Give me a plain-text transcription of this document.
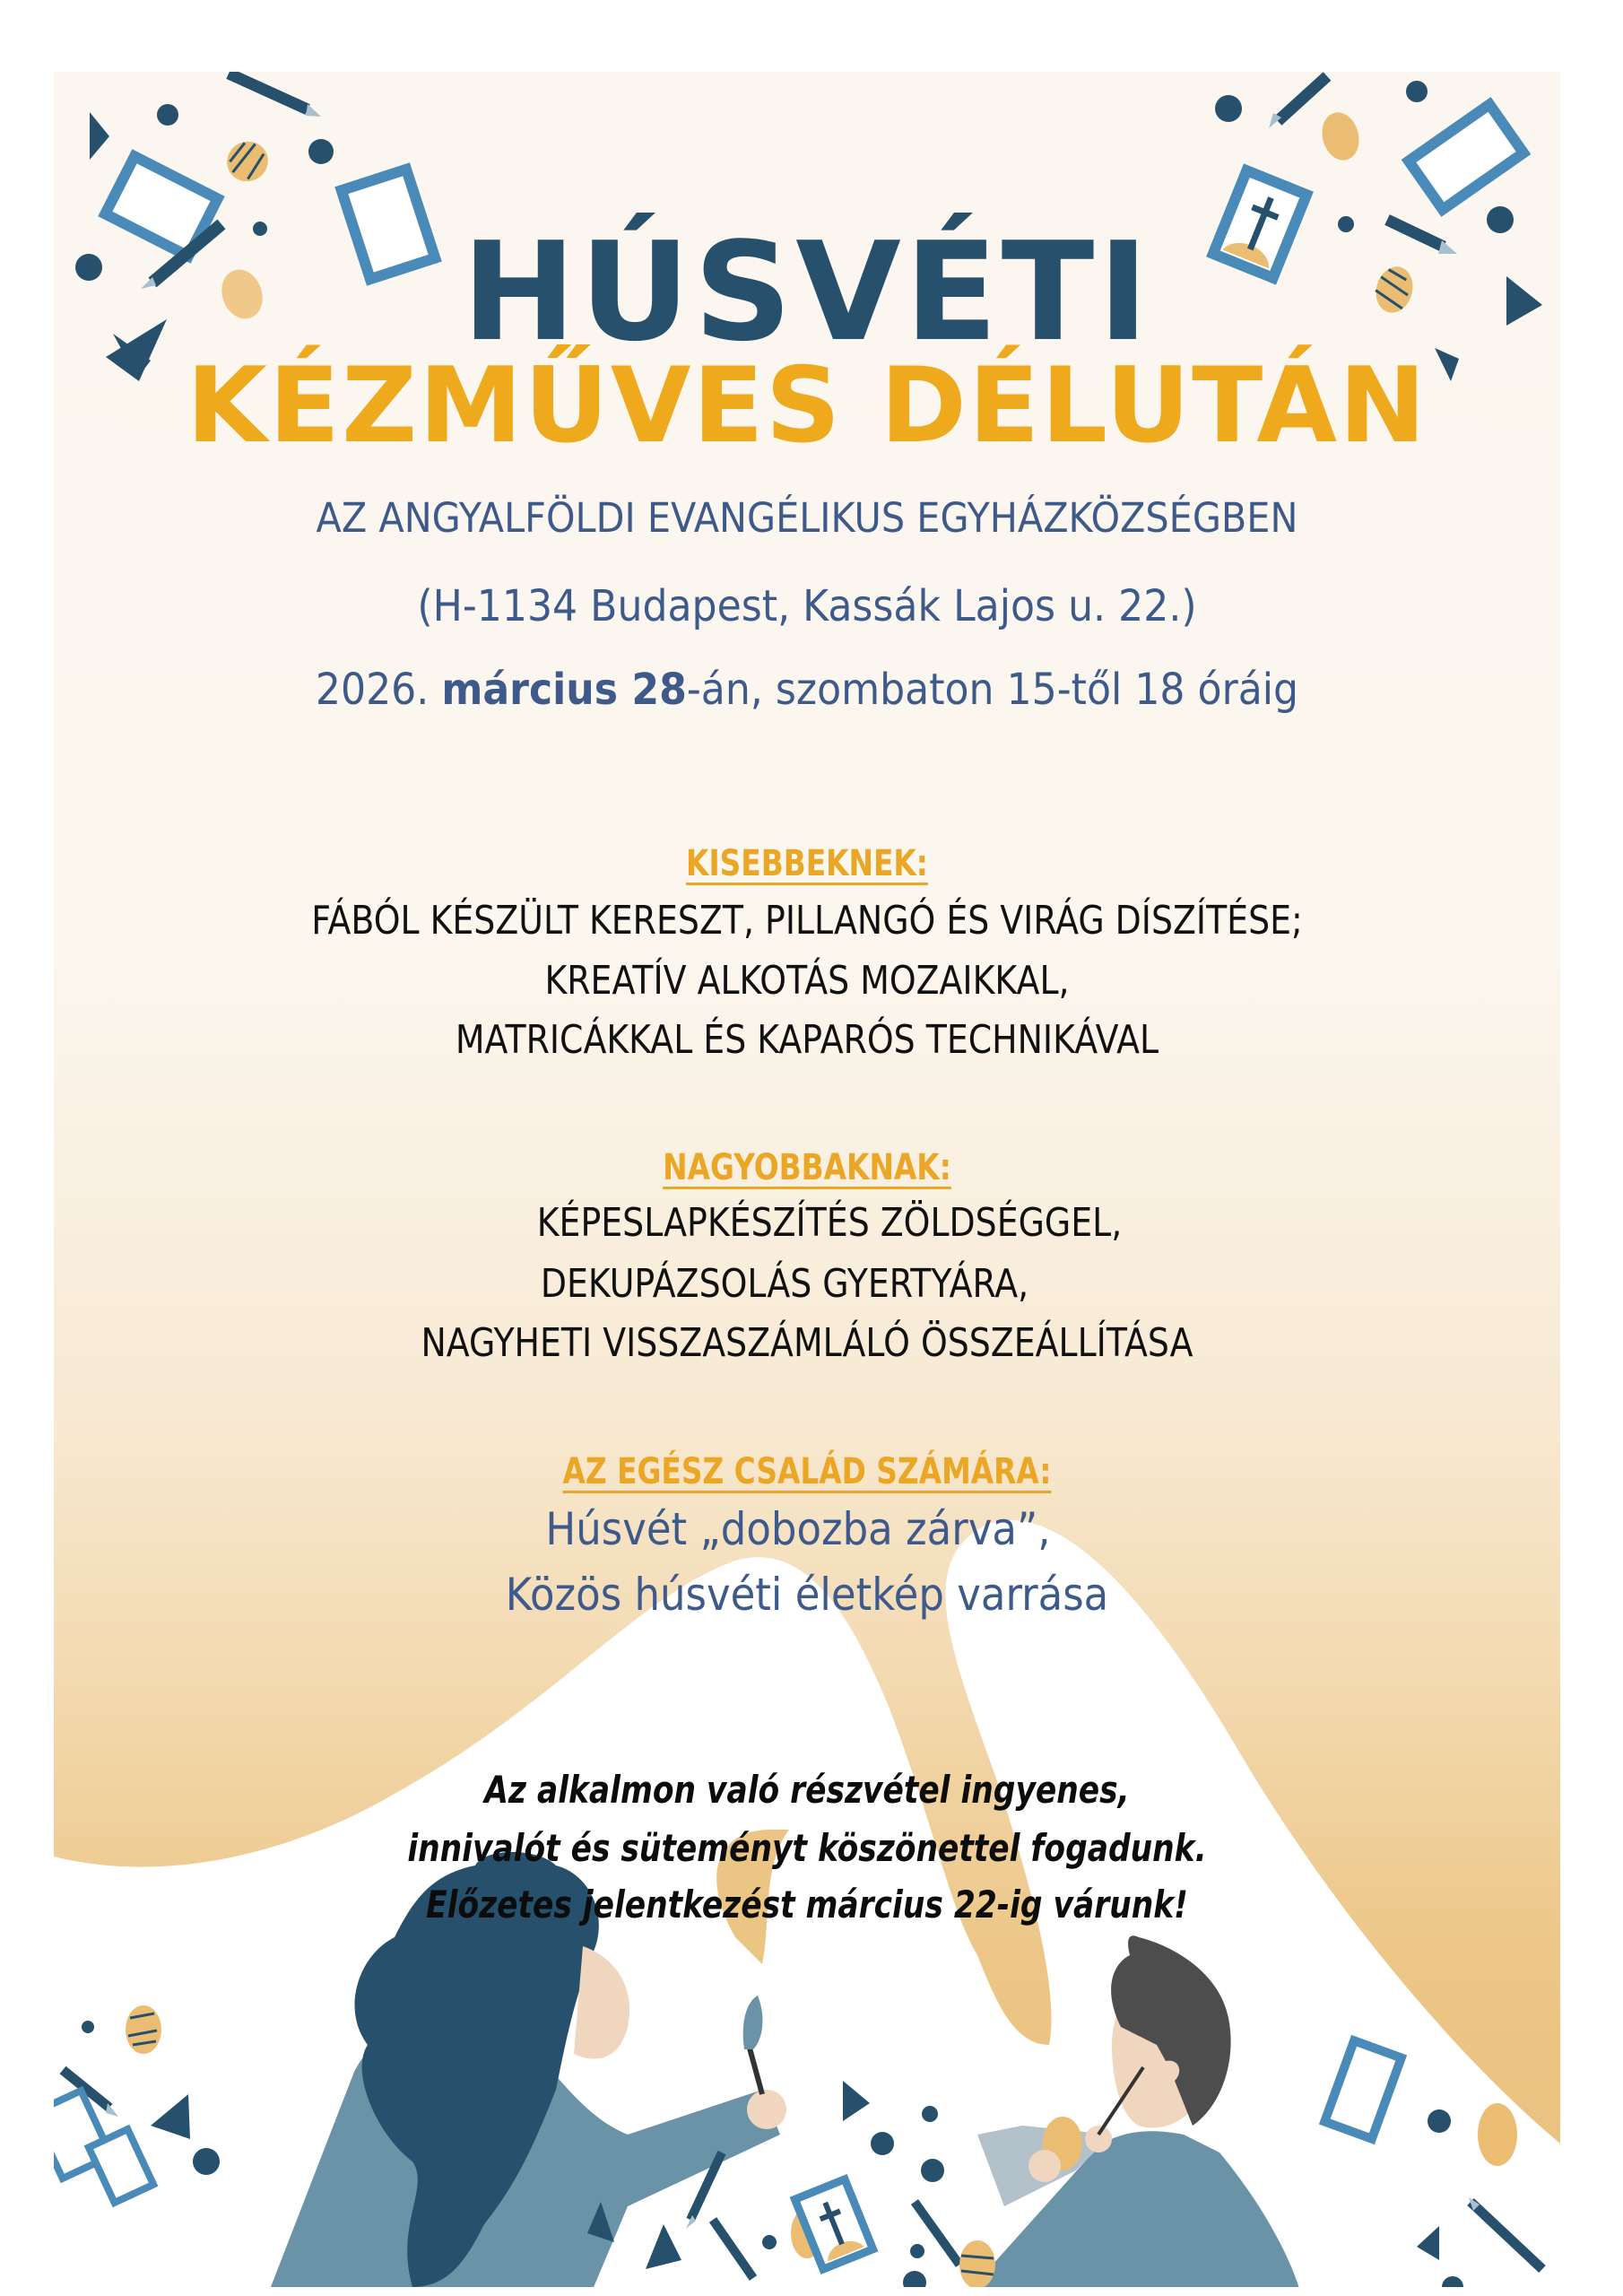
HÚSVÉTI
KÉZMŰVES DÉLUTÁN
AZ ANGYALFÖLDI EVANGÉLIKUS EGYHÁZKÖZSÉGBEN
(H-1134 Budapest, Kassák Lajos u. 22.)
2026. március 28-án, szombaton 15-től 18 óráig
KISEBBEKNEK:
FÁBÓL KÉSZÜLT KERESZT, PILLANGÓ ÉS VIRÁG DÍSZÍTÉSE;
KREATÍV ALKOTÁS MOZAIKKAL,
MATRICÁKKAL ÉS KAPARÓS TECHNIKÁVAL
NAGYOBBAKNAK:
KÉPESLAPKÉSZÍTÉS ZÖLDSÉGGEL,
DEKUPÁZSOLÁS GYERTYÁRA,
NAGYHETI VISSZASZÁMLÁLÓ ÖSSZEÁLLÍTÁSA
AZ EGÉSZ CSALÁD SZÁMÁRA:
Húsvét „dobozba zárva”,
Közös húsvéti életkép varrása
Az alkalmon való részvétel ingyenes,
innivalót és süteményt köszönettel fogadunk.
Előzetes jelentkezést március 22-ig várunk!
